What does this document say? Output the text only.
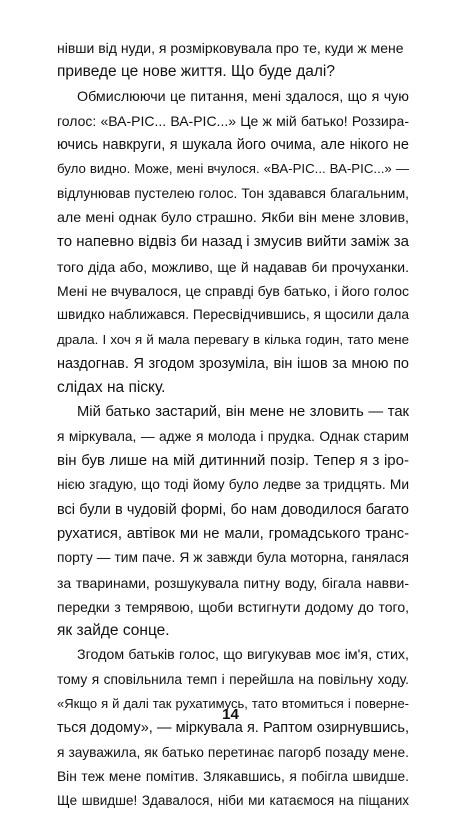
нівши від нуди, я розмірковувала про те, куди ж мене
приведе це нове життя. Що буде далі?
Обмислюючи це питання, мені здалося, що я чую
голос: «ВА-РІС... ВА-РІС...» Це ж мій батько! Роззира-
ючись навкруги, я шукала його очима, але нікого не
було видно. Може, мені вчулося. «ВА-РІС... ВА-РІС...» —
відлунював пустелею голос. Тон здавався благальним,
але мені однак було страшно. Якби він мене зловив,
то напевно відвіз би назад і змусив вийти заміж за
того діда або, можливо, ще й надавав би прочуханки.
Мені не вчувалося, це справді був батько, і його голос
швидко наближався. Пересвідчившись, я щосили дала
драла. І хоч я й мала перевагу в кілька годин, тато мене
наздогнав. Я згодом зрозуміла, він ішов за мною по
слідах на піску.
Мій батько застарий, він мене не зловить — так
я міркувала, — адже я молода і прудка. Однак старим
він був лише на мій дитинний позір. Тепер я з іро-
нією згадую, що тоді йому було ледве за тридцять. Ми
всі були в чудовій формі, бо нам доводилося багато
рухатися, автівок ми не мали, громадського транс-
порту — тим паче. Я ж завжди була моторна, ганялася
за тваринами, розшукувала питну воду, бігала навви-
передки з темрявою, щоби встигнути додому до того,
як зайде сонце.
Згодом батьків голос, що вигукував моє ім'я, стих,
тому я сповільнила темп і перейшла на повільну ходу.
«Якщо я й далі так рухатимусь, тато втомиться і поверне-
ться додому», — міркувала я. Раптом озирнувшись,
я зауважила, як батько перетинає пагорб позаду мене.
Він теж мене помітив. Злякавшись, я побігла швидше.
Ще швидше! Здавалося, ніби ми катаємося на піщаних
14
